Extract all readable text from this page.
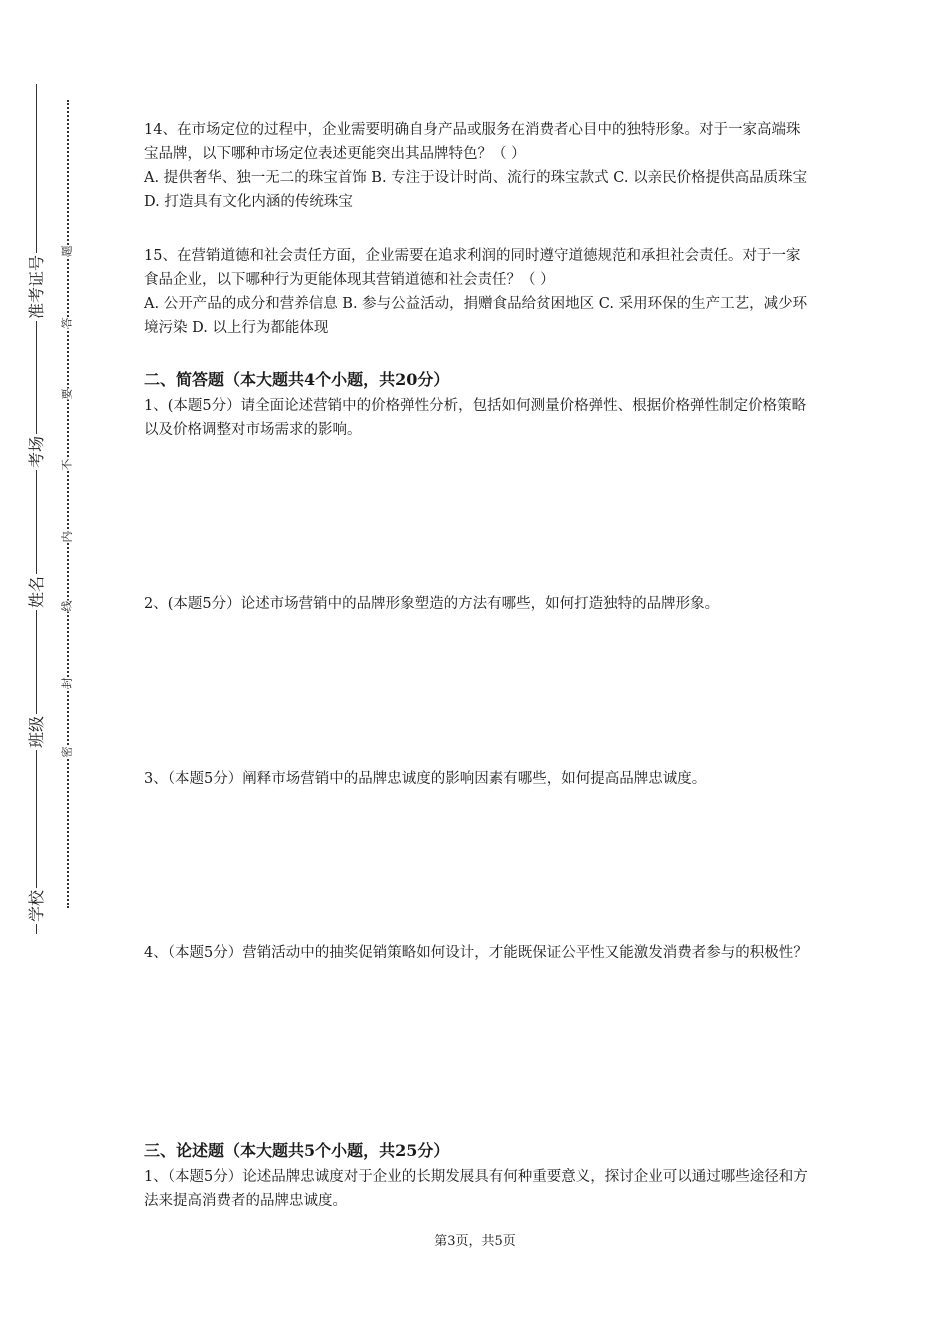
学校
班级
姓名
考场
准考证号
密
封
线
内
不
要
答
题

14、在市场定位的过程中，企业需要明确自身产品或服务在消费者心目中的独特形象。对于一家高端珠宝品牌，以下哪种市场定位表述更能突出其品牌特色？（ ）

A. 提供奢华、独一无二的珠宝首饰 B. 专注于设计时尚、流行的珠宝款式 C. 以亲民价格提供高品质珠宝 D. 打造具有文化内涵的传统珠宝

15、在营销道德和社会责任方面，企业需要在追求利润的同时遵守道德规范和承担社会责任。对于一家食品企业，以下哪种行为更能体现其营销道德和社会责任？（ ）

A. 公开产品的成分和营养信息 B. 参与公益活动，捐赠食品给贫困地区 C. 采用环保的生产工艺，减少环境污染 D. 以上行为都能体现

二、简答题（本大题共4个小题，共20分）
1、(本题5分）请全面论述营销中的价格弹性分析，包括如何测量价格弹性、根据价格弹性制定价格策略以及价格调整对市场需求的影响。
2、(本题5分）论述市场营销中的品牌形象塑造的方法有哪些，如何打造独特的品牌形象。
3、（本题5分）阐释市场营销中的品牌忠诚度的影响因素有哪些，如何提高品牌忠诚度。
4、（本题5分）营销活动中的抽奖促销策略如何设计，才能既保证公平性又能激发消费者参与的积极性？
三、论述题（本大题共5个小题，共25分）
1、（本题5分）论述品牌忠诚度对于企业的长期发展具有何种重要意义，探讨企业可以通过哪些途径和方法来提高消费者的品牌忠诚度。
第3页，共5页
